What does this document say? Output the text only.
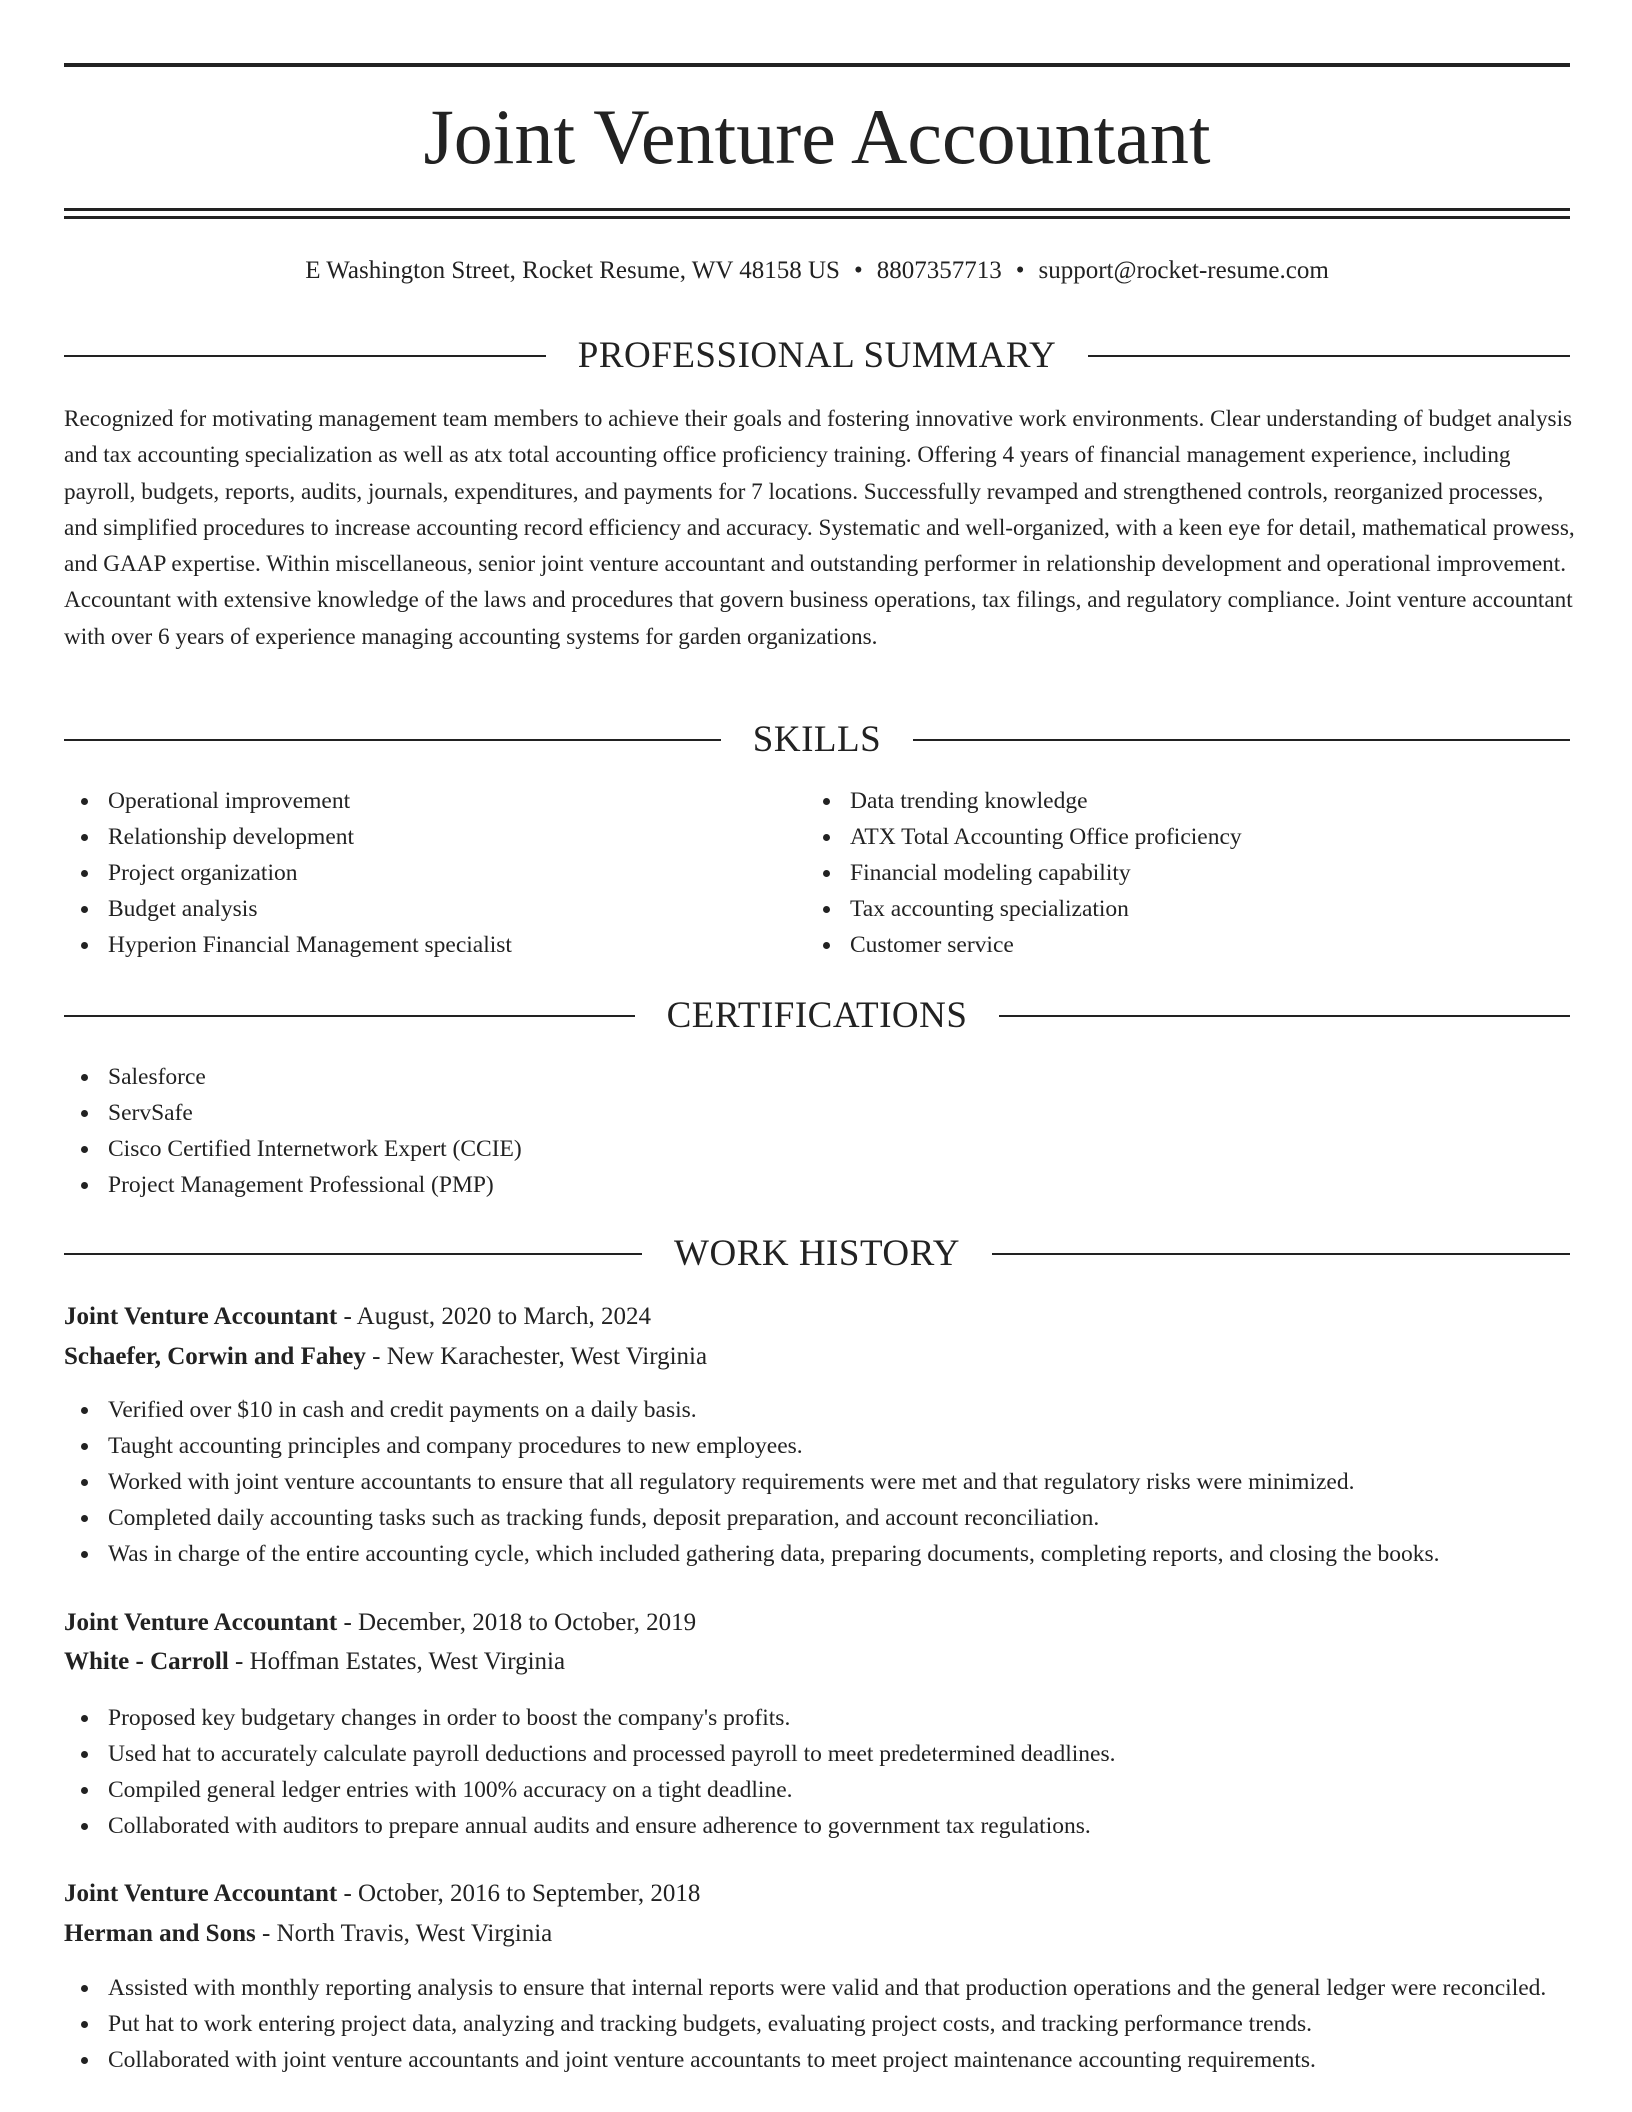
Joint Venture Accountant
E Washington Street, Rocket Resume, WV 48158 US • 8807357713 • support@rocket-resume.com
PROFESSIONAL SUMMARY

Recognized for motivating management team members to achieve their goals and fostering innovative work environments. Clear understanding of budget analysis and tax accounting specialization as well as atx total accounting office proficiency training. Offering 4 years of financial management experience, including payroll, budgets, reports, audits, journals, expenditures, and payments for 7 locations. Successfully revamped and strengthened controls, reorganized processes, and simplified procedures to increase accounting record efficiency and accuracy. Systematic and well-organized, with a keen eye for detail, mathematical prowess, and GAAP expertise. Within miscellaneous, senior joint venture accountant and outstanding performer in relationship development and operational improvement. Accountant with extensive knowledge of the laws and procedures that govern business operations, tax filings, and regulatory compliance. Joint venture accountant with over 6 years of experience managing accounting systems for garden organizations.

SKILLS
Operational improvement
Relationship development
Project organization
Budget analysis
Hyperion Financial Management specialist
Data trending knowledge
ATX Total Accounting Office proficiency
Financial modeling capability
Tax accounting specialization
Customer service
CERTIFICATIONS
Salesforce
ServSafe
Cisco Certified Internetwork Expert (CCIE)
Project Management Professional (PMP)
WORK HISTORY
Joint Venture Accountant - August, 2020 to March, 2024
Schaefer, Corwin and Fahey - New Karachester, West Virginia
Verified over $10 in cash and credit payments on a daily basis.
Taught accounting principles and company procedures to new employees.
Worked with joint venture accountants to ensure that all regulatory requirements were met and that regulatory risks were minimized.
Completed daily accounting tasks such as tracking funds, deposit preparation, and account reconciliation.
Was in charge of the entire accounting cycle, which included gathering data, preparing documents, completing reports, and closing the books.
Joint Venture Accountant - December, 2018 to October, 2019
White - Carroll - Hoffman Estates, West Virginia
Proposed key budgetary changes in order to boost the company's profits.
Used hat to accurately calculate payroll deductions and processed payroll to meet predetermined deadlines.
Compiled general ledger entries with 100% accuracy on a tight deadline.
Collaborated with auditors to prepare annual audits and ensure adherence to government tax regulations.
Joint Venture Accountant - October, 2016 to September, 2018
Herman and Sons - North Travis, West Virginia
Assisted with monthly reporting analysis to ensure that internal reports were valid and that production operations and the general ledger were reconciled.
Put hat to work entering project data, analyzing and tracking budgets, evaluating project costs, and tracking performance trends.
Collaborated with joint venture accountants and joint venture accountants to meet project maintenance accounting requirements.
